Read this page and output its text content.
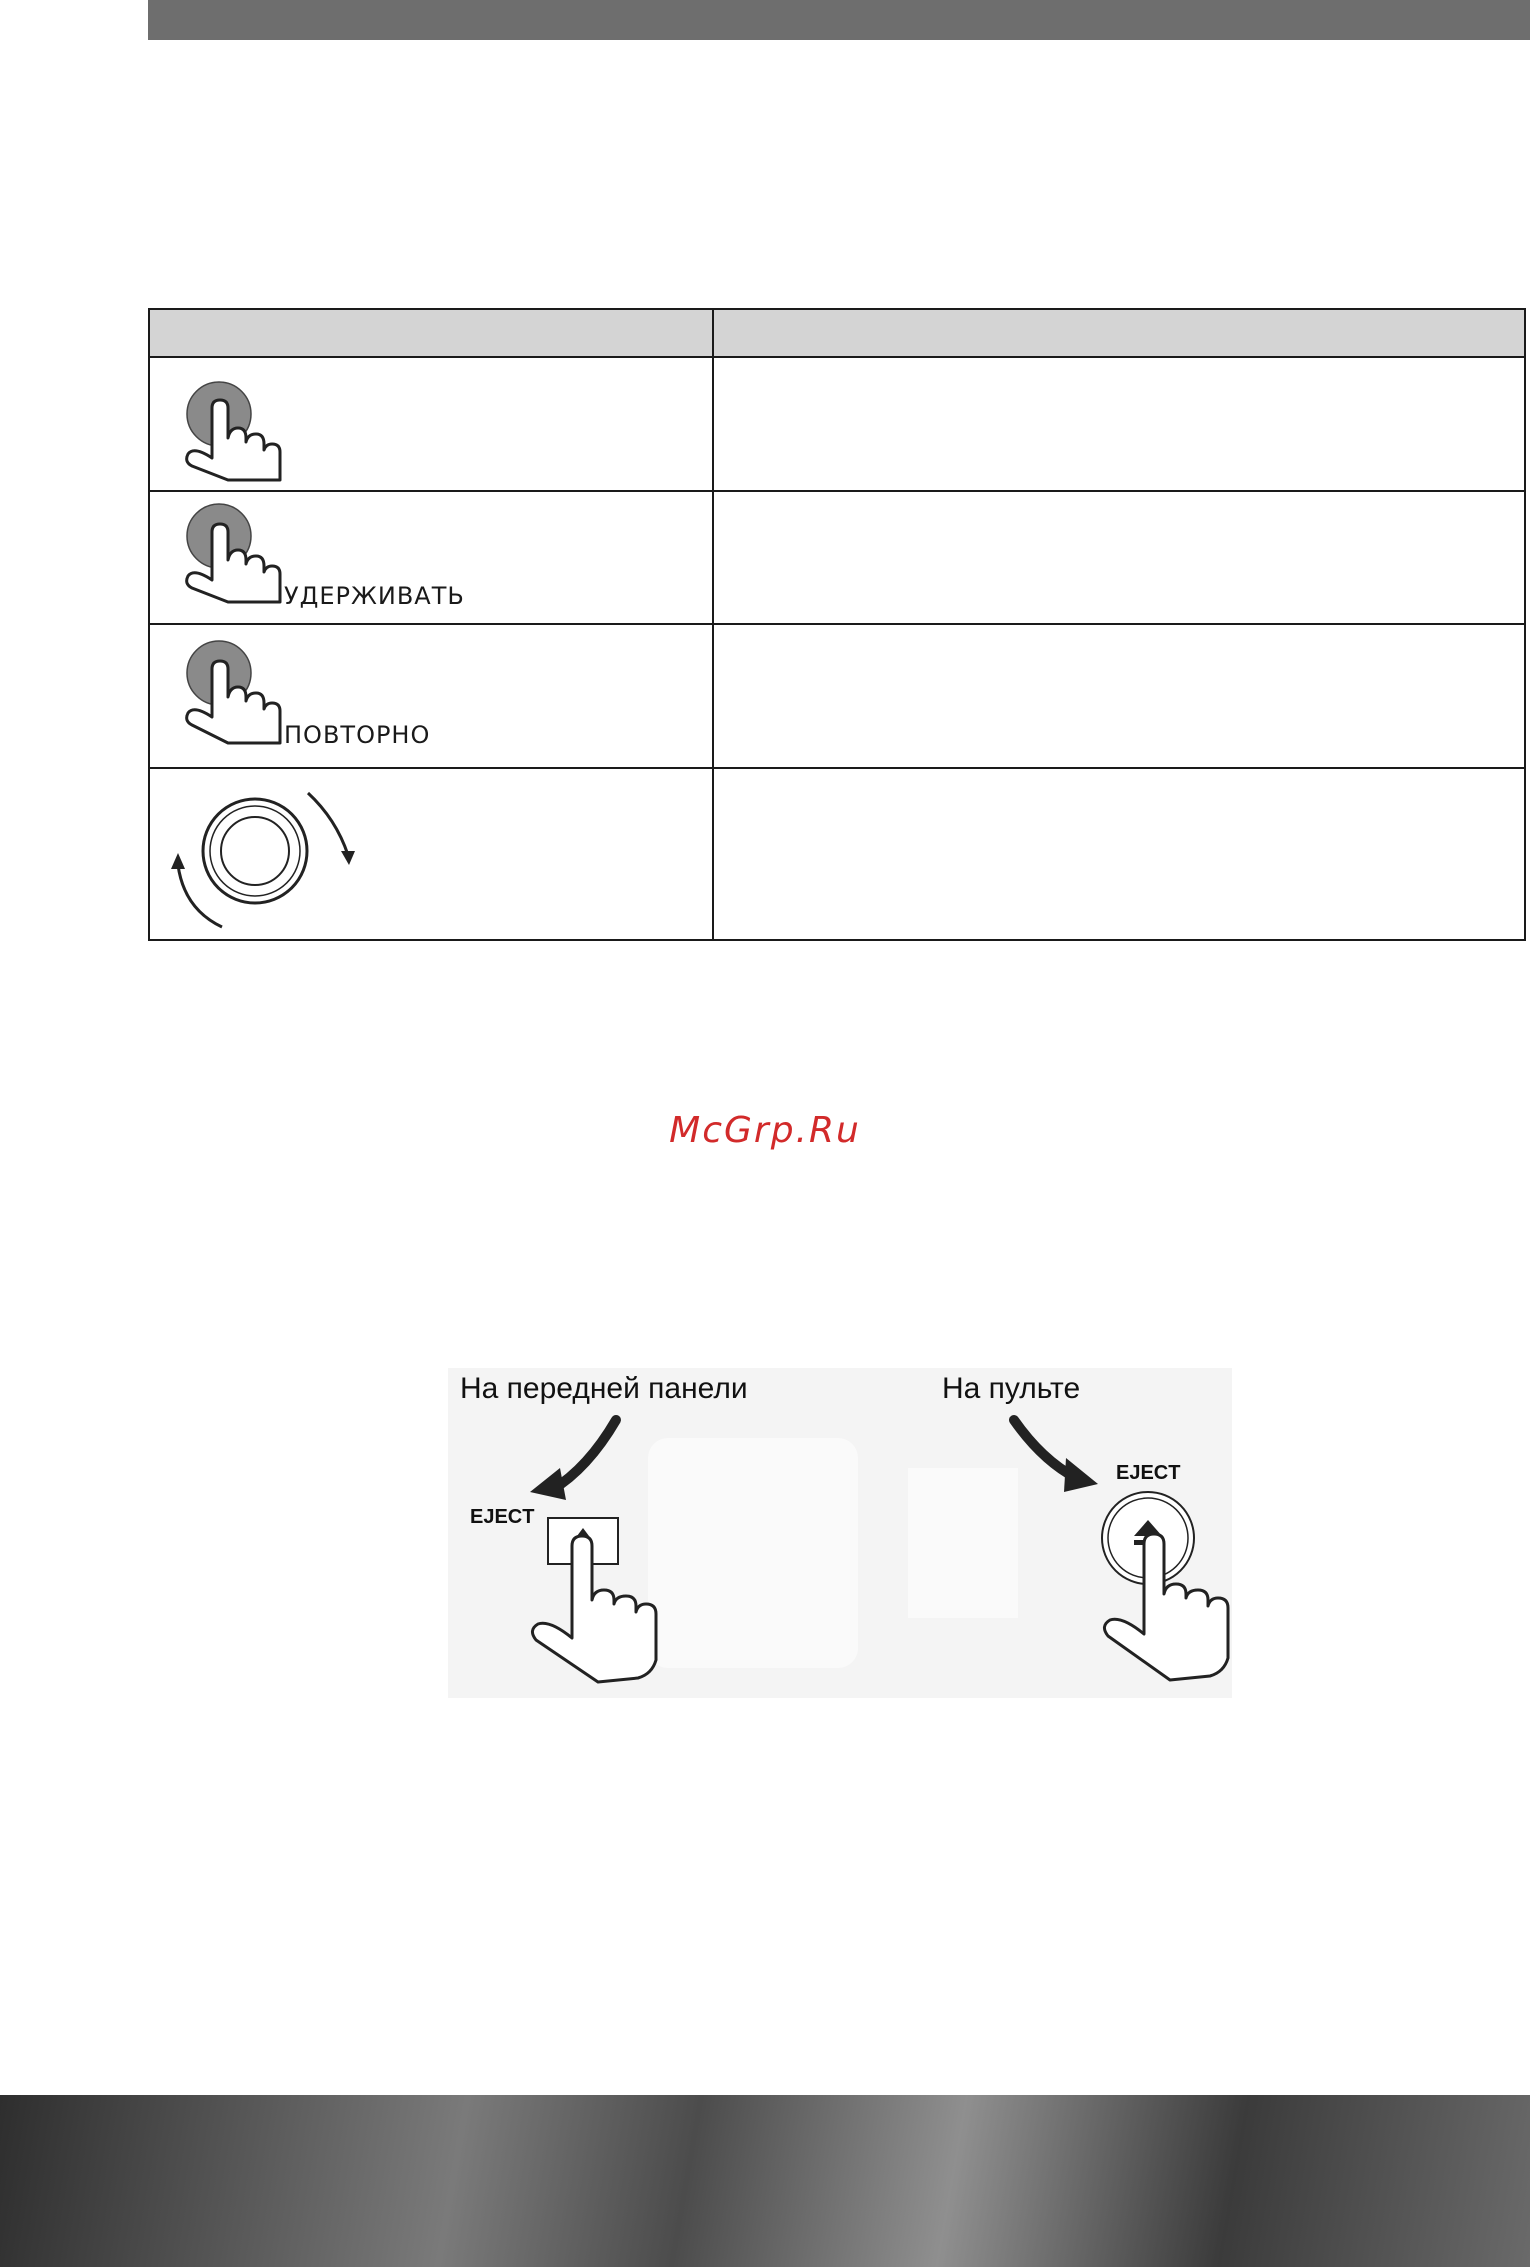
УДЕРЖИВАТЬ	

ПОВТОРНО	

McGrp.Ru
На передней панели	На пульте
EJECT
EJECT
